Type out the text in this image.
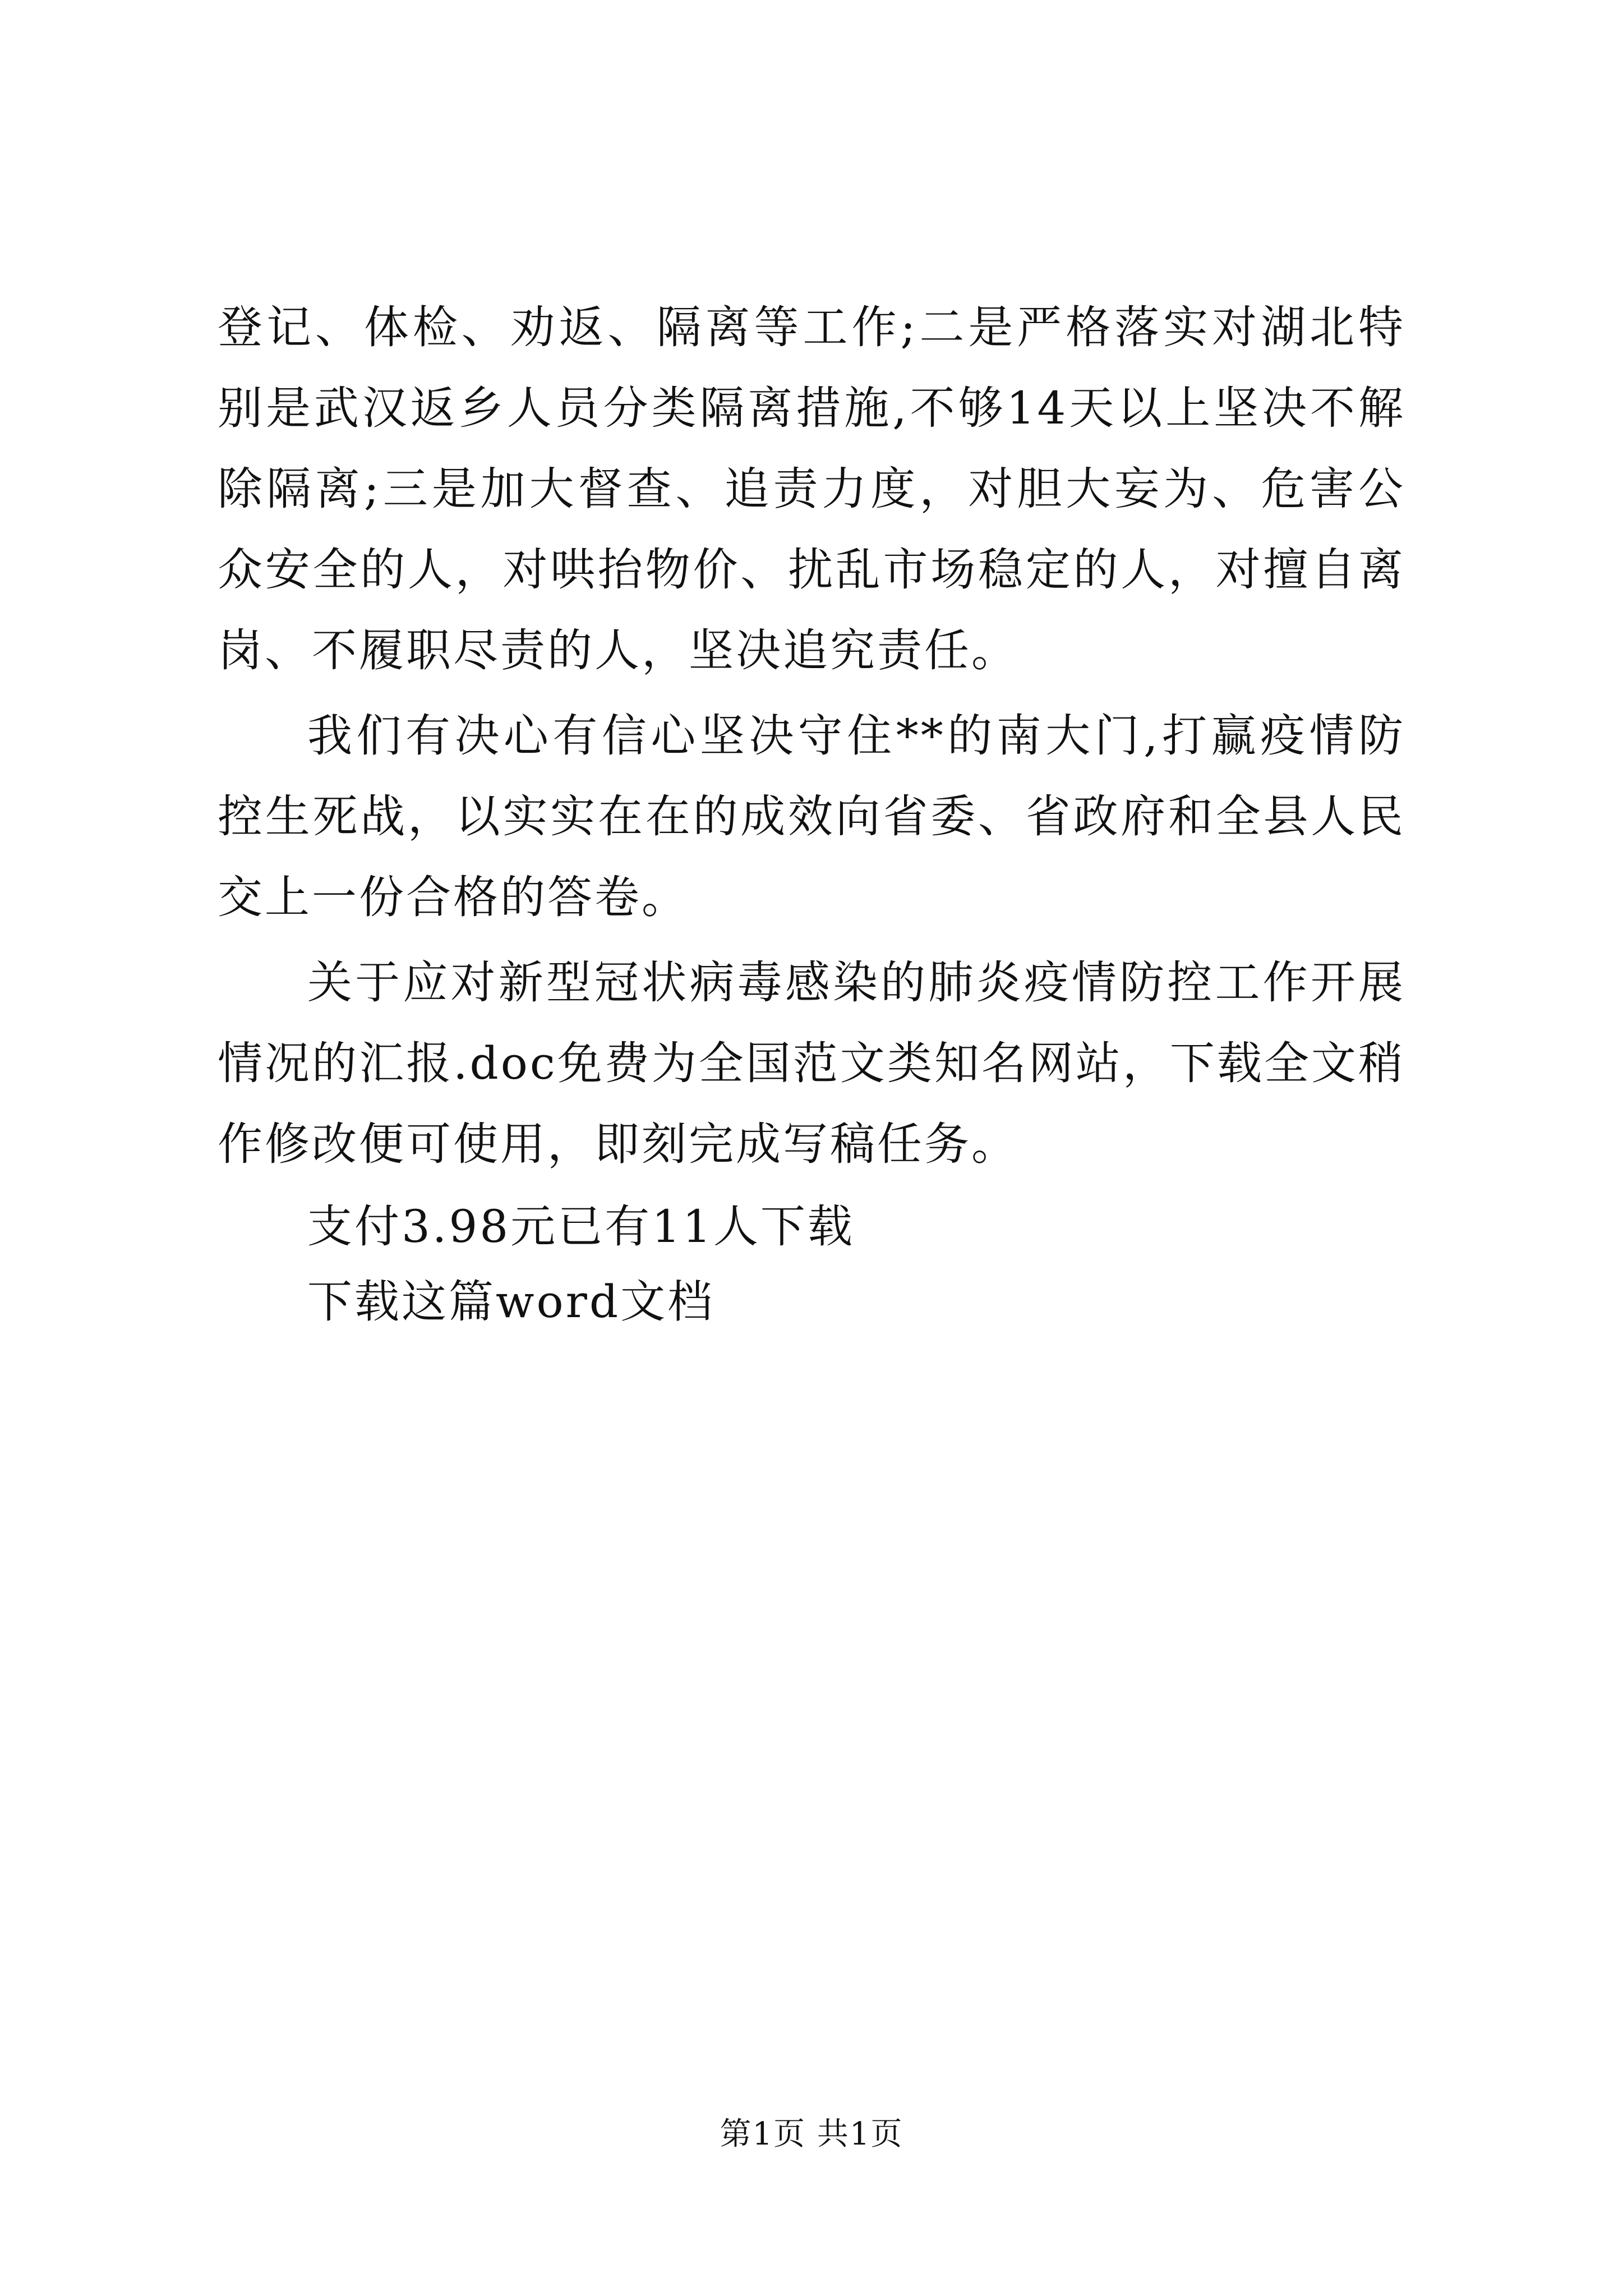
登记、体检、劝返、隔离等工作;二是严格落实对湖北特别是武汉返乡人员分类隔离措施,不够14天以上坚决不解除隔离;三是加大督查、追责力度，对胆大妄为、危害公众安全的人，对哄抬物价、扰乱市场稳定的人，对擅自离岗、不履职尽责的人，坚决追究责任。

我们有决心有信心坚决守住**的南大门,打赢疫情防控生死战，以实实在在的成效向省委、省政府和全县人民交上一份合格的答卷。

关于应对新型冠状病毒感染的肺炎疫情防控工作开展情况的汇报.doc免费为全国范文类知名网站，下载全文稍作修改便可使用，即刻完成写稿任务。

支付3.98元已有11人下载

下载这篇word文档

第1页 共1页
